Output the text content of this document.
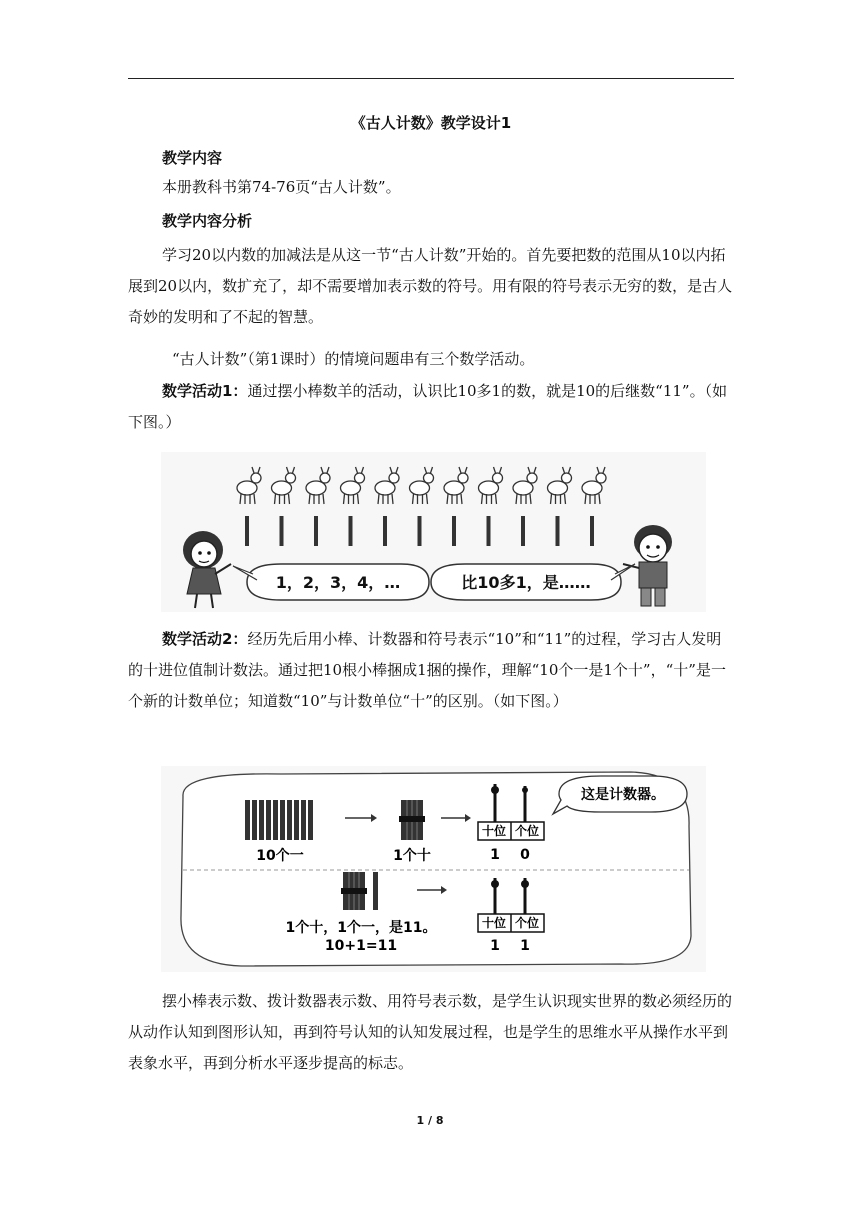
《古人计数》教学设计1
教学内容

本册教科书第74-76页“古人计数”。

教学内容分析

学习20以内数的加减法是从这一节“古人计数”开始的。首先要把数的范围从10以内拓展到20以内，数扩充了，却不需要增加表示数的符号。用有限的符号表示无穷的数，是古人奇妙的发明和了不起的智慧。

“古人计数”（第1课时）的情境问题串有三个数学活动。

数学活动1：通过摆小棒数羊的活动，认识比10多1的数，就是10的后继数“11”。（如下图。）

1，2，3，4，…	比10多1，是……

数学活动2：经历先后用小棒、计数器和符号表示“10”和“11”的过程，学习古人发明的十进位值制计数法。通过把10根小棒捆成1捆的操作，理解“10个一是1个十”，“十”是一个新的计数单位；知道数“10”与计数单位“十”的区别。（如下图。）

10个一	1个十
十位 个位
1 0
这是计数器。
1个十，1个一，是11。
10+1=11
十位 个位
1 1

摆小棒表示数、拨计数器表示数、用符号表示数，是学生认识现实世界的数必须经历的从动作认知到图形认知，再到符号认知的认知发展过程，也是学生的思维水平从操作水平到表象水平，再到分析水平逐步提高的标志。

1 / 8
